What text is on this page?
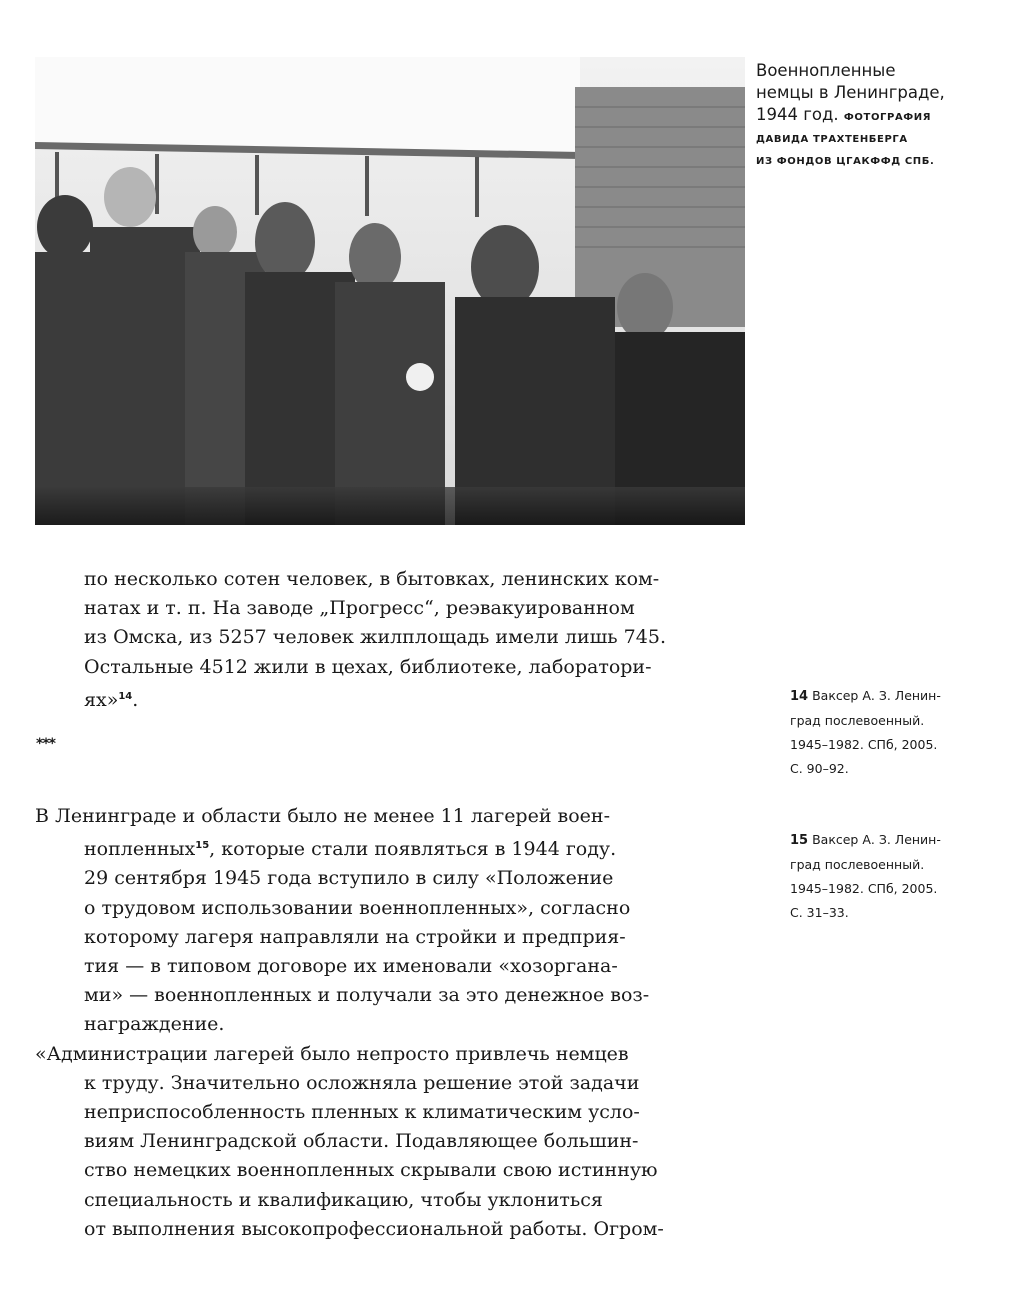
Военнопленные
немцы в Ленинграде,
1944 год. ФОТОГРАФИЯ
ДАВИДА ТРАХТЕНБЕРГА
ИЗ ФОНДОВ ЦГАКФФД СПБ.
по несколько сотен человек, в бытовках, ленинских ком-
натах и т. п. На заводе „Прогресс“, реэвакуированном
из Омска, из 5257 человек жилплощадь имели лишь 745.
Остальные 4512 жили в цехах, библиотеке, лаборатори-
ях»$^{14}$.
***
В Ленинграде и области было не менее 11 лагерей воен-
нопленных$^{15}$, которые стали появляться в 1944 году.
29 сентября 1945 года вступило в силу «Положение
о трудовом использовании военнопленных», согласно
которому лагеря направляли на стройки и предприя-
тия — в типовом договоре их именовали «хозоргана-
ми» — военнопленных и получали за это денежное воз-
награждение.
«Администрации лагерей было непросто привлечь немцев
к труду. Значительно осложняла решение этой задачи
неприспособленность пленных к климатическим усло-
виям Ленинградской области. Подавляющее большин-
ство немецких военнопленных скрывали свою истинную
специальность и квалификацию, чтобы уклониться
от выполнения высокопрофессиональной работы. Огром-
14 Ваксер А. З. Ленин-
град послевоенный.
1945–1982. СПб, 2005.
С. 90–92.
15 Ваксер А. З. Ленин-
град послевоенный.
1945–1982. СПб, 2005.
С. 31–33.
